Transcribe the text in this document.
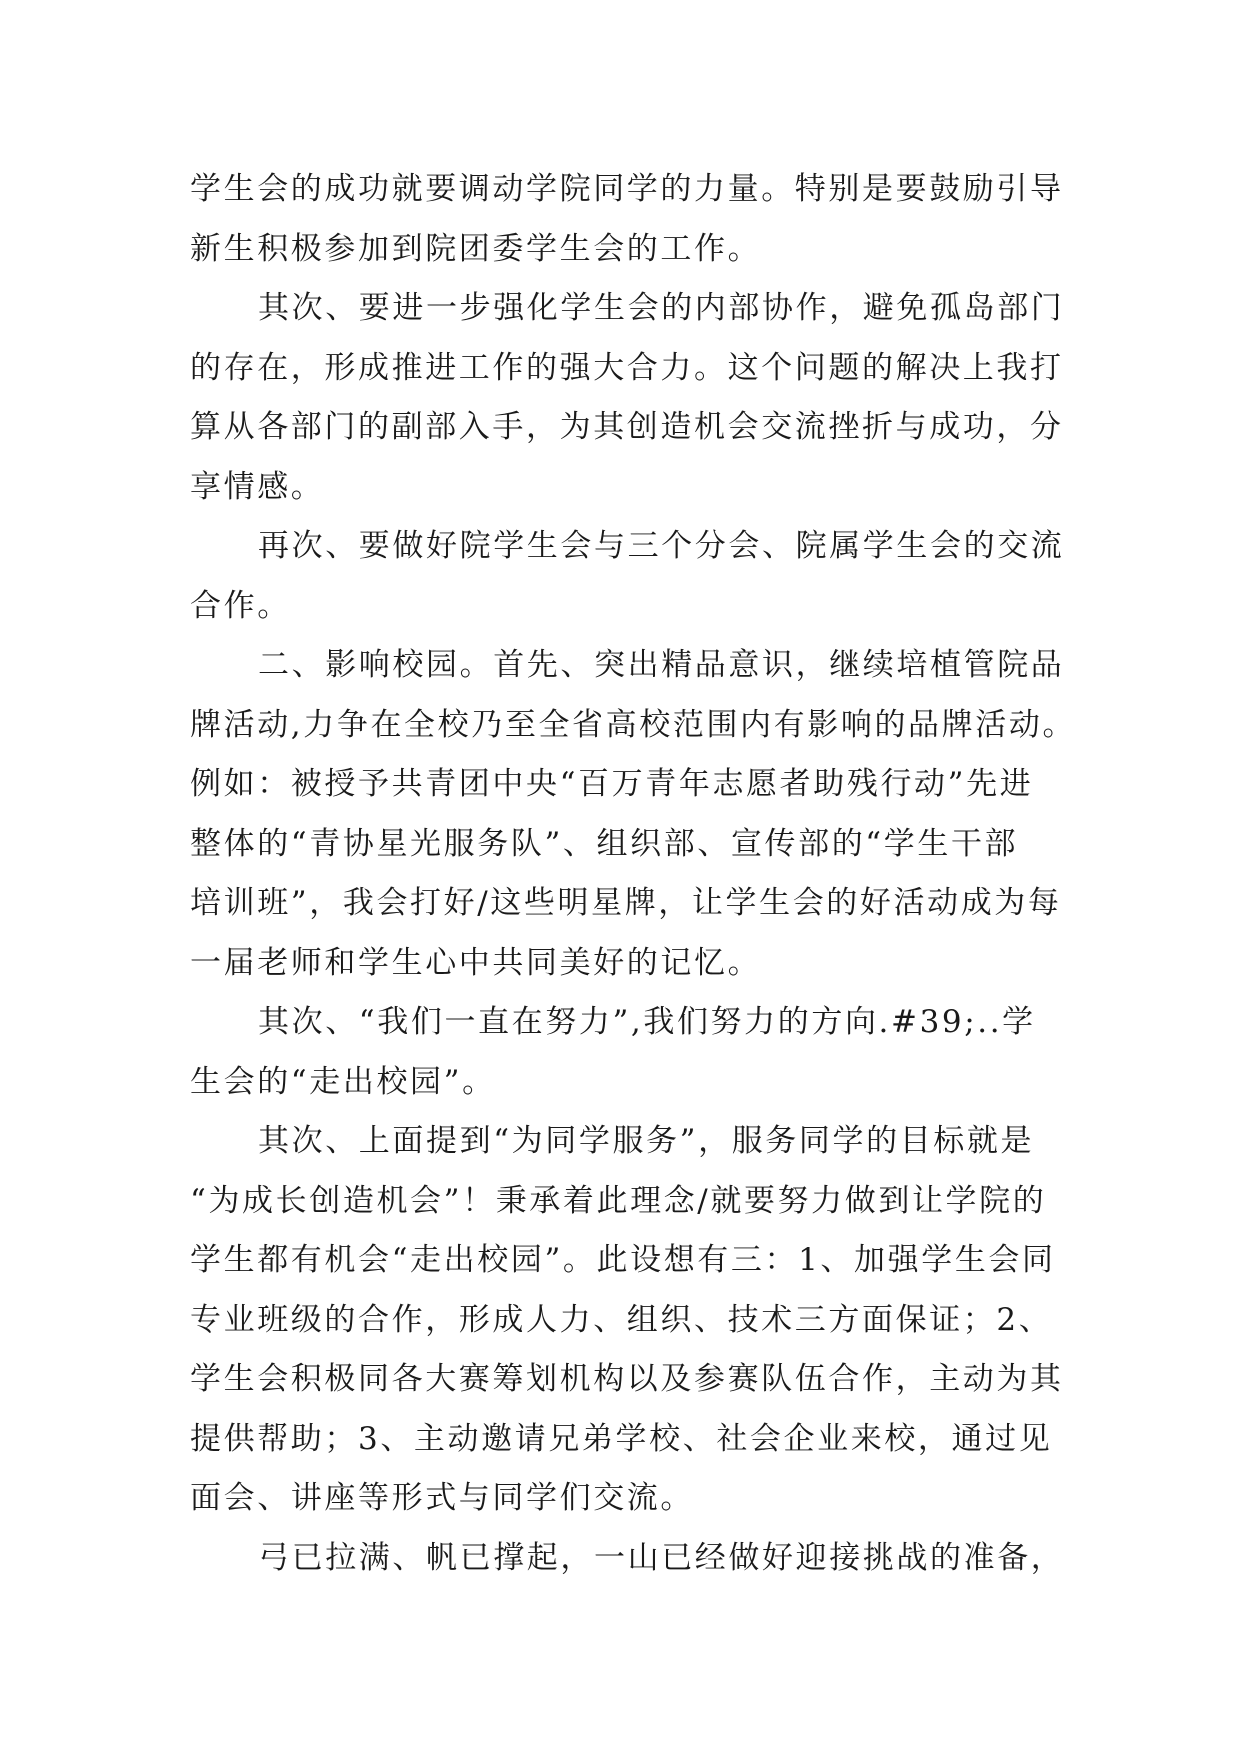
学生会的成功就要调动学院同学的力量。特别是要鼓励引导
新生积极参加到院团委学生会的工作。
其次、要进一步强化学生会的内部协作，避免孤岛部门
的存在，形成推进工作的强大合力。这个问题的解决上我打
算从各部门的副部入手，为其创造机会交流挫折与成功，分
享情感。
再次、要做好院学生会与三个分会、院属学生会的交流
合作。
二、影响校园。首先、突出精品意识，继续培植管院品
牌活动,力争在全校乃至全省高校范围内有影响的品牌活动。
例如：被授予共青团中央“百万青年志愿者助残行动”先进
整体的“青协星光服务队”、组织部、宣传部的“学生干部
培训班”，我会打好/这些明星牌，让学生会的好活动成为每
一届老师和学生心中共同美好的记忆。
其次、“我们一直在努力”,我们努力的方向.#39;..学
生会的“走出校园”。
其次、上面提到“为同学服务”，服务同学的目标就是
“为成长创造机会”！秉承着此理念/就要努力做到让学院的
学生都有机会“走出校园”。此设想有三：1、加强学生会同
专业班级的合作，形成人力、组织、技术三方面保证；2、
学生会积极同各大赛筹划机构以及参赛队伍合作，主动为其
提供帮助；3、主动邀请兄弟学校、社会企业来校，通过见
面会、讲座等形式与同学们交流。
弓已拉满、帆已撑起，一山已经做好迎接挑战的准备，
